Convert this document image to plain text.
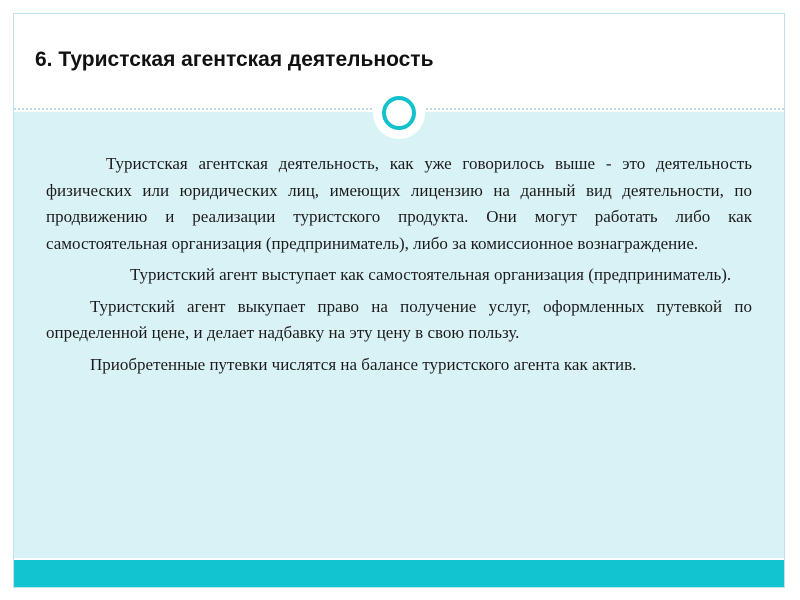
6. Туристская агентская деятельность

Туристская агентская деятельность, как уже говорилось выше - это деятельность физических или юридических лиц, имеющих лицензию на данный вид деятельности, по продвижению и реализации туристского продукта. Они могут работать либо как самостоятельная организация (предприниматель), либо за комиссионное вознаграждение.

Туристский агент выступает как самостоятельная организация (предприниматель).

Туристский агент выкупает право на получение услуг, оформленных путевкой по определенной цене, и делает надбавку на эту цену в свою пользу.

Приобретенные путевки числятся на балансе туристского агента как актив.
